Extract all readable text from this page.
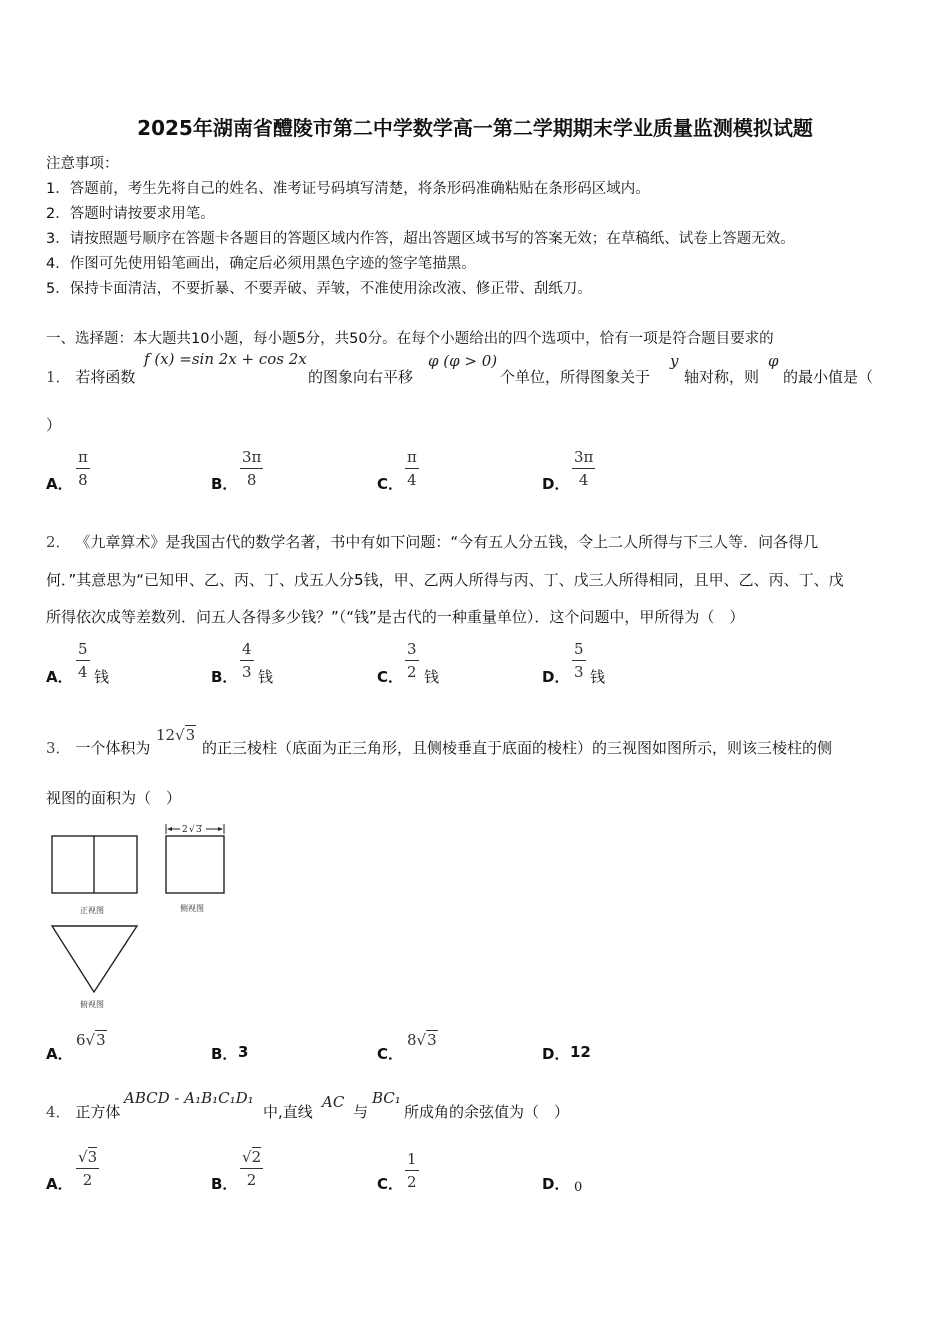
2025年湖南省醴陵市第二中学数学高一第二学期期末学业质量监测模拟试题
注意事项：
1．答题前，考生先将自己的姓名、准考证号码填写清楚，将条形码准确粘贴在条形码区域内。
2．答题时请按要求用笔。
3．请按照题号顺序在答题卡各题目的答题区域内作答，超出答题区域书写的答案无效；在草稿纸、试卷上答题无效。
4．作图可先使用铅笔画出，确定后必须用黑色字迹的签字笔描黑。
5．保持卡面清洁，不要折暴、不要弄破、弄皱，不准使用涂改液、修正带、刮纸刀。
一、选择题：本大题共10小题，每小题5分，共50分。在每个小题给出的四个选项中，恰有一项是符合题目要求的
1． 若将函数
f (x) =sin 2x + cos 2x
的图象向右平移
φ (φ > 0)
个单位，所得图象关于
y
轴对称，则
φ
的最小值是（
）
A．
π
8	B．
3π
8	C．
π
4	D．
3π
4
2． 《九章算术》是我国古代的数学名著，书中有如下问题：“今有五人分五钱，令上二人所得与下三人等．问各得几
何．”其意思为“已知甲、乙、丙、丁、戊五人分5钱，甲、乙两人所得与丙、丁、戊三人所得相同，且甲、乙、丙、丁、戊
所得依次成等差数列．问五人各得多少钱？”（“钱”是古代的一种重量单位）．这个问题中，甲所得为（　）
A．
5
4 钱	B．
4
3 钱	C．
3
2 钱	D．
5
3 钱
3． 一个体积为
12√3
的正三棱柱（底面为正三角形，且侧棱垂直于底面的棱柱）的三视图如图所示，则该三棱柱的侧
视图的面积为（　）
2 √ 3
正视图	侧视图
俯视图
A．
6√3
B． 3	C．
8√3
D． 12
4． 正方体
ABCD - A₁B₁C₁D₁
中,直线
AC
与
BC₁
所成角的余弦值为（　）
A．
√3
2	B．
√2
2	C．
1
2	D． 0
